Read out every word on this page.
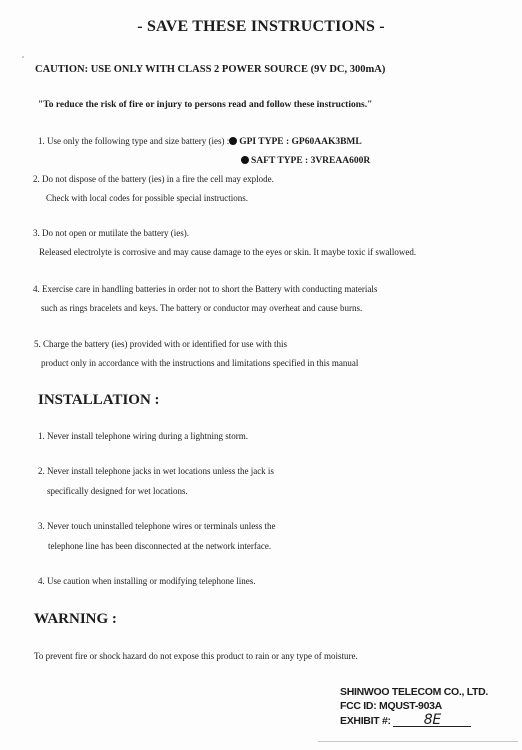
- SAVE THESE INSTRUCTIONS -
CAUTION: USE ONLY WITH CLASS 2 POWER SOURCE (9V DC, 300mA)
"To reduce the risk of fire or injury to persons read and follow these instructions."
1. Use only the following type and size battery (ies) : GPI TYPE : GP60AAK3BML
SAFT TYPE : 3VREAA600R
2. Do not dispose of the battery (ies) in a fire the cell may explode.
Check with local codes for possible special instructions.
3. Do not open or mutilate the battery (ies).
Released electrolyte is corrosive and may cause damage to the eyes or skin. It maybe toxic if swallowed.
4. Exercise care in handling batteries in order not to short the Battery with conducting materials
such as rings bracelets and keys. The battery or conductor may overheat and cause burns.
5. Charge the battery (ies) provided with or identified for use with this
product only in accordance with the instructions and limitations specified in this manual
INSTALLATION :
1. Never install telephone wiring during a lightning storm.
2. Never install telephone jacks in wet locations unless the jack is
specifically designed for wet locations.
3. Never touch uninstalled telephone wires or terminals unless the
telephone line has been disconnected at the network interface.
4. Use caution when installing or modifying telephone lines.
WARNING :
To prevent fire or shock hazard do not expose this product to rain or any type of moisture.
SHINWOO TELECOM CO., LTD.
FCC ID: MQUST-903A
EXHIBIT #: 8E
